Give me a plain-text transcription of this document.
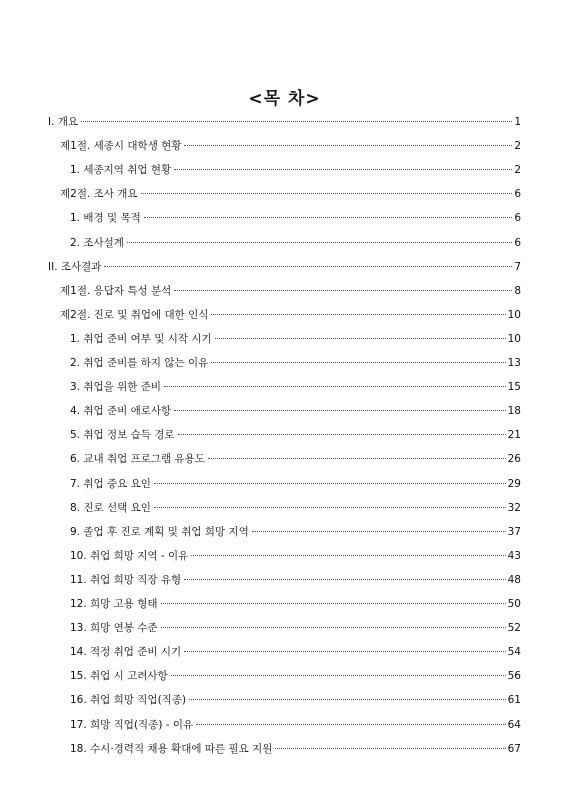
<목 차>
I. 개요	1
제1절. 세종시 대학생 현황	2
1. 세종지역 취업 현황	2
제2절. 조사 개요	6
1. 배경 및 목적	6
2. 조사설계	6
II. 조사결과	7
제1절. 응답자 특성 분석	8
제2절. 진로 및 취업에 대한 인식	10
1. 취업 준비 여부 및 시작 시기	10
2. 취업 준비를 하지 않는 이유	13
3. 취업을 위한 준비	15
4. 취업 준비 애로사항	18
5. 취업 정보 습득 경로	21
6. 교내 취업 프로그램 유용도	26
7. 취업 중요 요인	29
8. 진로 선택 요인	32
9. 졸업 후 진로 계획 및 취업 희망 지역	37
10. 취업 희망 지역 - 이유	43
11. 취업 희망 직장 유형	48
12. 희망 고용 형태	50
13. 희망 연봉 수준	52
14. 적정 취업 준비 시기	54
15. 취업 시 고려사항	56
16. 취업 희망 직업(직종)	61
17. 희망 직업(직종) - 이유	64
18. 수시·경력직 채용 확대에 따른 필요 지원	67
